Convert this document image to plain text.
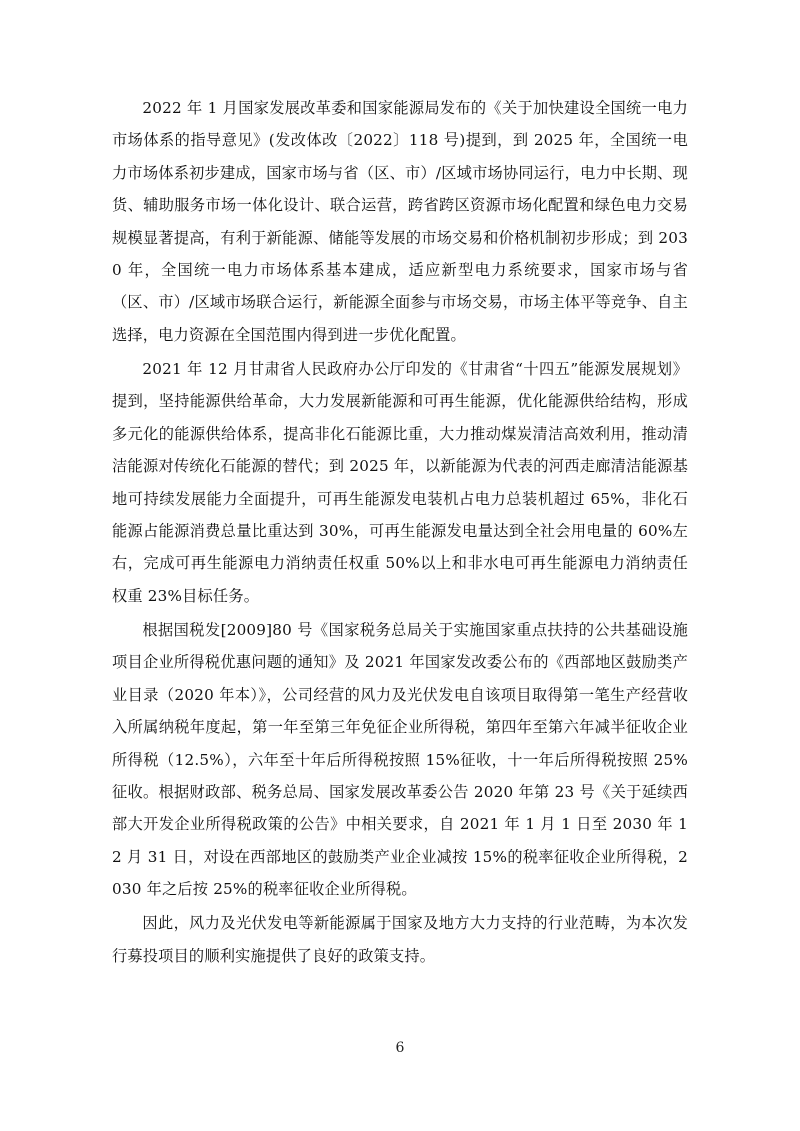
2022 年 1 月国家发展改革委和国家能源局发布的《关于加快建设全国统一电力市场体系的指导意见》(发改体改〔2022〕118 号)提到，到 2025 年，全国统一电力市场体系初步建成，国家市场与省（区、市）/区域市场协同运行，电力中长期、现货、辅助服务市场一体化设计、联合运营，跨省跨区资源市场化配置和绿色电力交易规模显著提高，有利于新能源、储能等发展的市场交易和价格机制初步形成；到 2030 年，全国统一电力市场体系基本建成，适应新型电力系统要求，国家市场与省（区、市）/区域市场联合运行，新能源全面参与市场交易，市场主体平等竞争、自主选择，电力资源在全国范围内得到进一步优化配置。

2021 年 12 月甘肃省人民政府办公厅印发的《甘肃省“十四五”能源发展规划》提到，坚持能源供给革命，大力发展新能源和可再生能源，优化能源供给结构，形成多元化的能源供给体系，提高非化石能源比重，大力推动煤炭清洁高效利用，推动清洁能源对传统化石能源的替代；到 2025 年，以新能源为代表的河西走廊清洁能源基地可持续发展能力全面提升，可再生能源发电装机占电力总装机超过 65%，非化石能源占能源消费总量比重达到 30%，可再生能源发电量达到全社会用电量的 60%左右，完成可再生能源电力消纳责任权重 50%以上和非水电可再生能源电力消纳责任权重 23%目标任务。

根据国税发[2009]80 号《国家税务总局关于实施国家重点扶持的公共基础设施项目企业所得税优惠问题的通知》及 2021 年国家发改委公布的《西部地区鼓励类产业目录（2020 年本）》，公司经营的风力及光伏发电自该项目取得第一笔生产经营收入所属纳税年度起，第一年至第三年免征企业所得税，第四年至第六年减半征收企业所得税（12.5%），六年至十年后所得税按照 15%征收，十一年后所得税按照 25%征收。根据财政部、税务总局、国家发展改革委公告 2020 年第 23 号《关于延续西部大开发企业所得税政策的公告》中相关要求，自 2021 年 1 月 1 日至 2030 年 12 月 31 日，对设在西部地区的鼓励类产业企业减按 15%的税率征收企业所得税，2030 年之后按 25%的税率征收企业所得税。

因此，风力及光伏发电等新能源属于国家及地方大力支持的行业范畴，为本次发行募投项目的顺利实施提供了良好的政策支持。

6
